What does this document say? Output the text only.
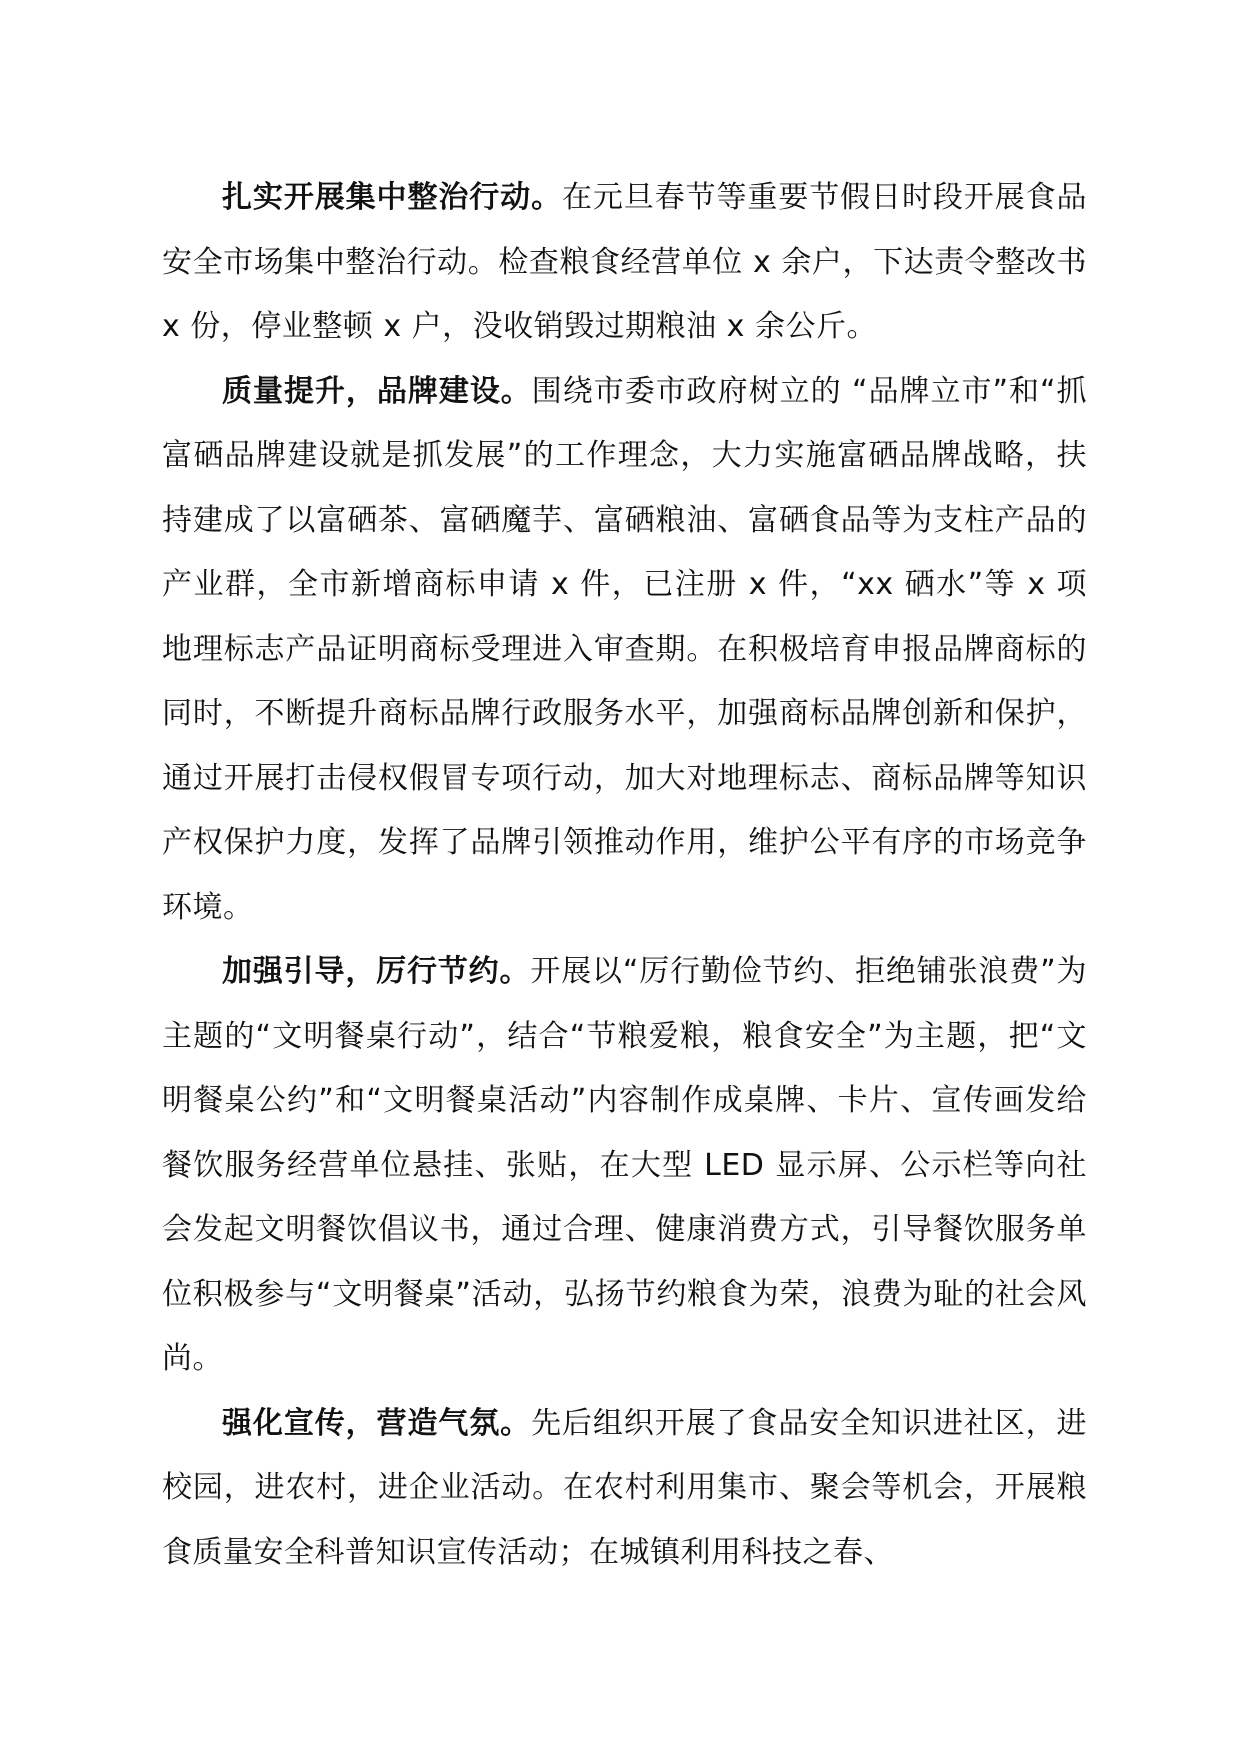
扎实开展集中整治行动。在元旦春节等重要节假日时段开展食品安全市场集中整治行动。检查粮食经营单位 x 余户，下达责令整改书 x 份，停业整顿 x 户，没收销毁过期粮油 x 余公斤。

质量提升，品牌建设。围绕市委市政府树立的 “品牌立市”和“抓富硒品牌建设就是抓发展”的工作理念，大力实施富硒品牌战略，扶持建成了以富硒茶、富硒魔芋、富硒粮油、富硒食品等为支柱产品的产业群，全市新增商标申请 x 件，已注册 x 件，“xx 硒水”等 x 项地理标志产品证明商标受理进入审查期。在积极培育申报品牌商标的同时，不断提升商标品牌行政服务水平，加强商标品牌创新和保护，通过开展打击侵权假冒专项行动，加大对地理标志、商标品牌等知识产权保护力度，发挥了品牌引领推动作用，维护公平有序的市场竞争环境。

加强引导，厉行节约。开展以“厉行勤俭节约、拒绝铺张浪费”为主题的“文明餐桌行动”，结合“节粮爱粮，粮食安全”为主题，把“文明餐桌公约”和“文明餐桌活动”内容制作成桌牌、卡片、宣传画发给餐饮服务经营单位悬挂、张贴，在大型 LED 显示屏、公示栏等向社会发起文明餐饮倡议书，通过合理、健康消费方式，引导餐饮服务单位积极参与“文明餐桌”活动，弘扬节约粮食为荣，浪费为耻的社会风尚。

强化宣传，营造气氛。先后组织开展了食品安全知识进社区，进校园，进农村，进企业活动。在农村利用集市、聚会等机会，开展粮食质量安全科普知识宣传活动；在城镇利用科技之春、
